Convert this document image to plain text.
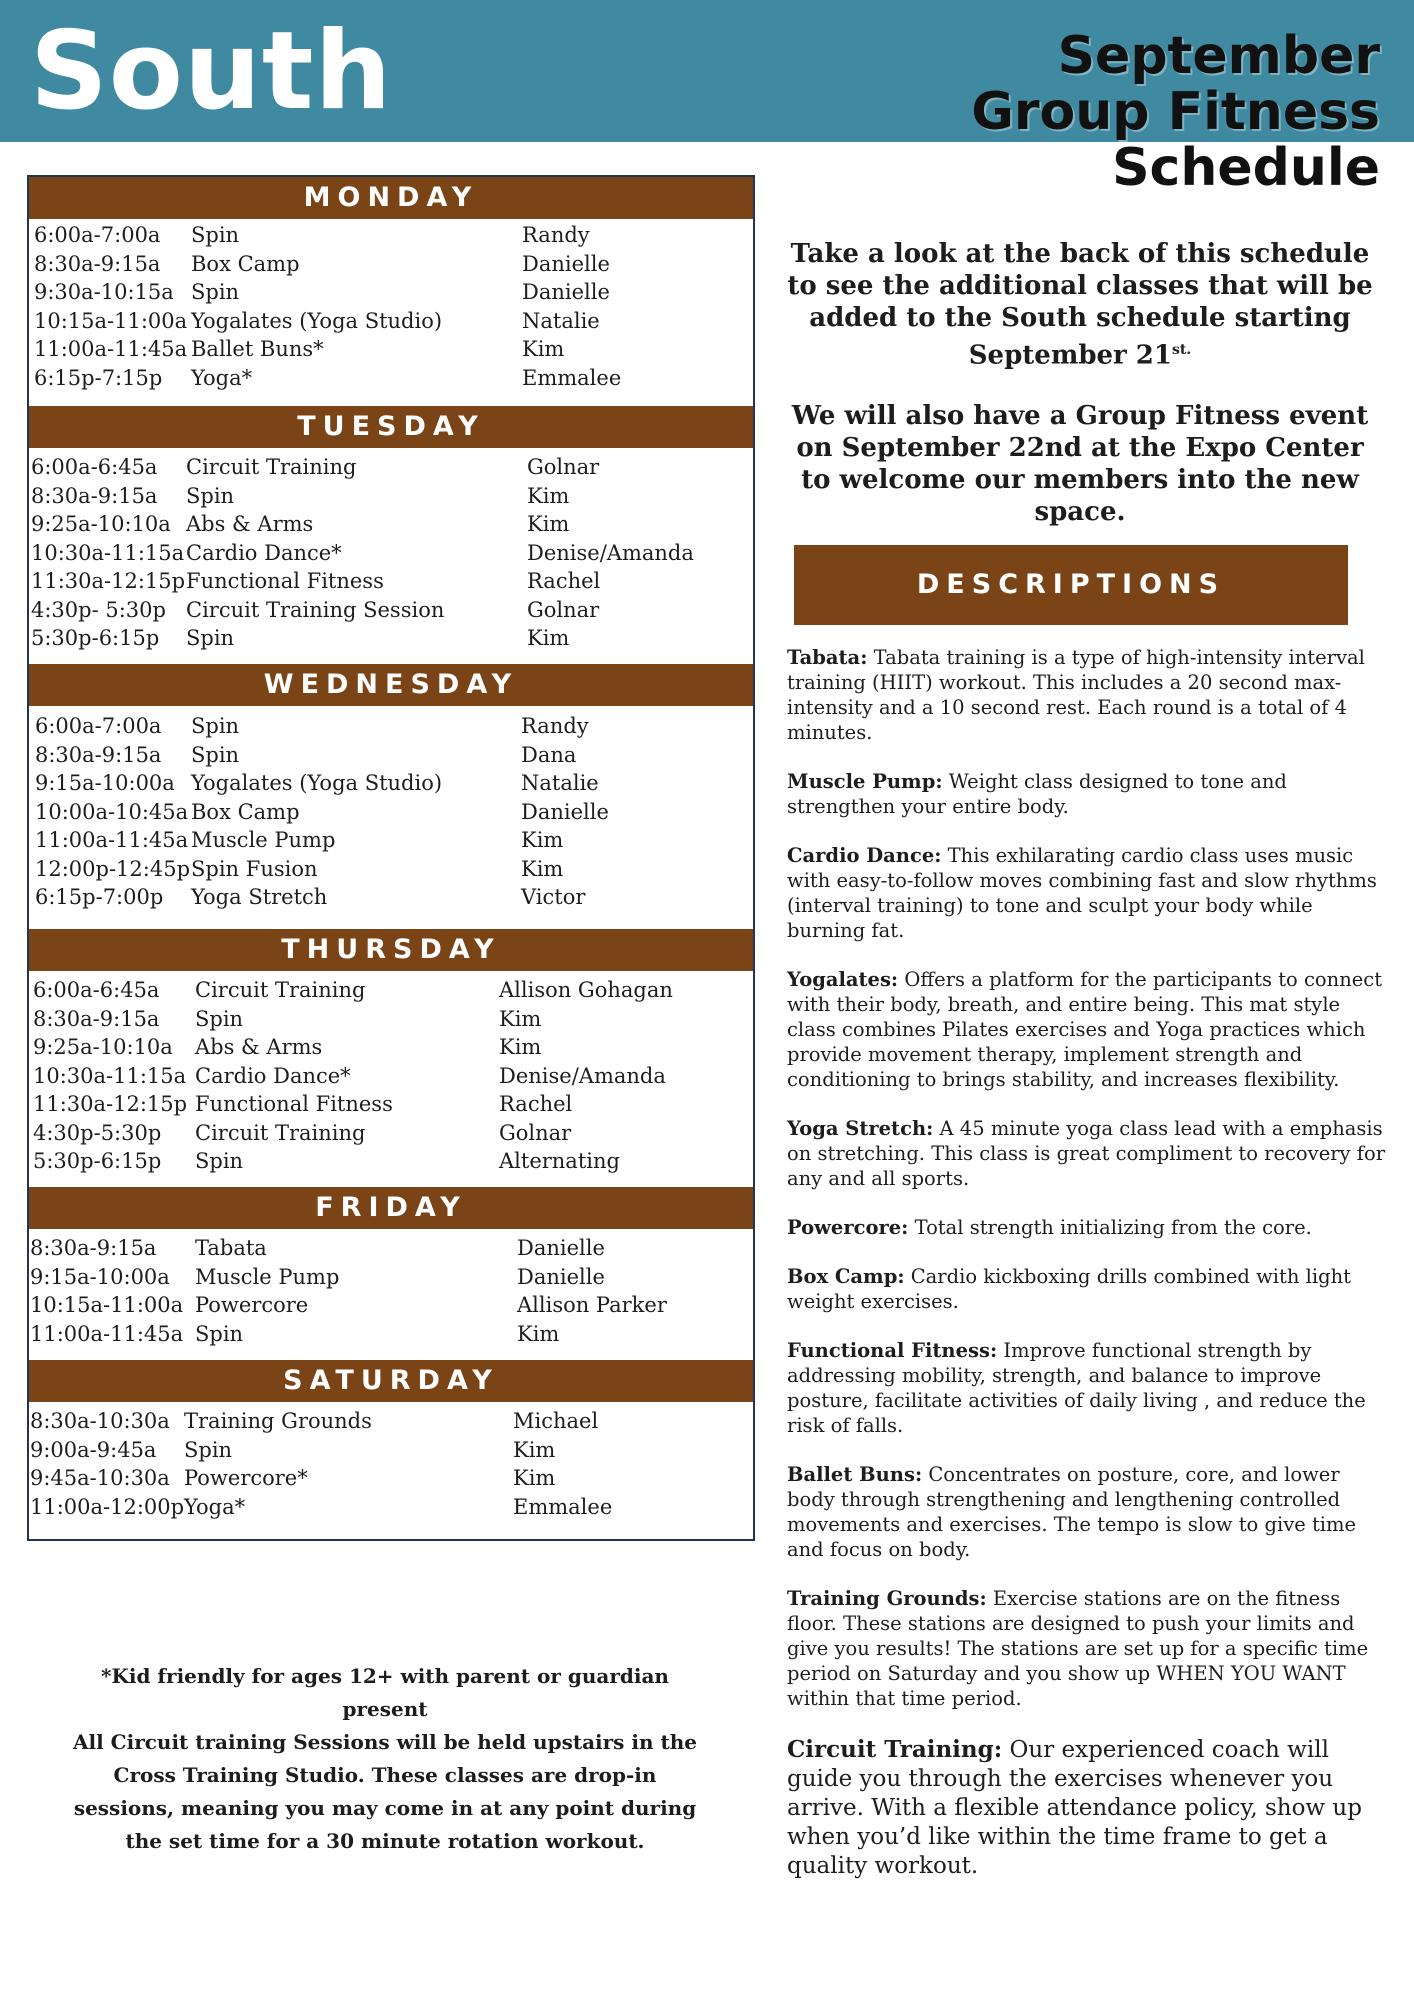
South	September
Group Fitness
Schedule
MONDAY
6:00a-7:00a Spin	Randy
8:30a-9:15a Box Camp	Danielle
9:30a-10:15a Spin	Danielle
10:15a-11:00a Yogalates (Yoga Studio)	Natalie
11:00a-11:45a Ballet Buns*	Kim
6:15p-7:15p Yoga*	Emmalee
TUESDAY
6:00a-6:45a Circuit Training	Golnar
8:30a-9:15a Spin	Kim
9:25a-10:10a Abs & Arms	Kim
10:30a-11:15a Cardio Dance*	Denise/Amanda
11:30a-12:15p Functional Fitness	Rachel
4:30p- 5:30p Circuit Training Session	Golnar
5:30p-6:15p Spin	Kim
WEDNESDAY
6:00a-7:00a Spin	Randy
8:30a-9:15a Spin	Dana
9:15a-10:00a Yogalates (Yoga Studio)	Natalie
10:00a-10:45a Box Camp	Danielle
11:00a-11:45a Muscle Pump	Kim
12:00p-12:45p Spin Fusion	Kim
6:15p-7:00p Yoga Stretch	Victor
THURSDAY
6:00a-6:45a Circuit Training	Allison Gohagan
8:30a-9:15a Spin	Kim
9:25a-10:10a Abs & Arms	Kim
10:30a-11:15a Cardio Dance*	Denise/Amanda
11:30a-12:15p Functional Fitness	Rachel
4:30p-5:30p Circuit Training	Golnar
5:30p-6:15p Spin	Alternating
FRIDAY
8:30a-9:15a Tabata	Danielle
9:15a-10:00a Muscle Pump	Danielle
10:15a-11:00a Powercore	Allison Parker
11:00a-11:45a Spin	Kim
SATURDAY
8:30a-10:30a Training Grounds	Michael
9:00a-9:45a Spin	Kim
9:45a-10:30a Powercore*	Kim
11:00a-12:00p Yoga*	Emmalee
*Kid friendly for ages 12+ with parent or guardian present
All Circuit training Sessions will be held upstairs in the Cross Training Studio. These classes are drop-in sessions, meaning you may come in at any point during the set time for a 30 minute rotation workout.
Take a look at the back of this schedule to see the additional classes that will be added to the South schedule starting September $21^{st.}$
We will also have a Group Fitness event on September 22nd at the Expo Center to welcome our members into the new space.
DESCRIPTIONS

Tabata: Tabata training is a type of high-intensity interval training (HIIT) workout. This includes a 20 second max-intensity and a 10 second rest. Each round is a total of 4 minutes.

Muscle Pump: Weight class designed to tone and strengthen your entire body.

Cardio Dance: This exhilarating cardio class uses music with easy-to-follow moves combining fast and slow rhythms (interval training) to tone and sculpt your body while burning fat.

Yogalates: Offers a platform for the participants to connect with their body, breath, and entire being. This mat style class combines Pilates exercises and Yoga practices which provide movement therapy, implement strength and conditioning to brings stability, and increases flexibility.

Yoga Stretch: A 45 minute yoga class lead with a emphasis on stretching. This class is great compliment to recovery for any and all sports.

Powercore: Total strength initializing from the core.

Box Camp: Cardio kickboxing drills combined with light weight exercises.

Functional Fitness: Improve functional strength by addressing mobility, strength, and balance to improve posture, facilitate activities of daily living , and reduce the risk of falls.

Ballet Buns: Concentrates on posture, core, and lower body through strengthening and lengthening controlled movements and exercises. The tempo is slow to give time and focus on body.

Training Grounds: Exercise stations are on the fitness floor. These stations are designed to push your limits and give you results! The stations are set up for a specific time period on Saturday and you show up WHEN YOU WANT within that time period.

Circuit Training: Our experienced coach will guide you through the exercises whenever you arrive. With a flexible attendance policy, show up when you’d like within the time frame to get a quality workout.
